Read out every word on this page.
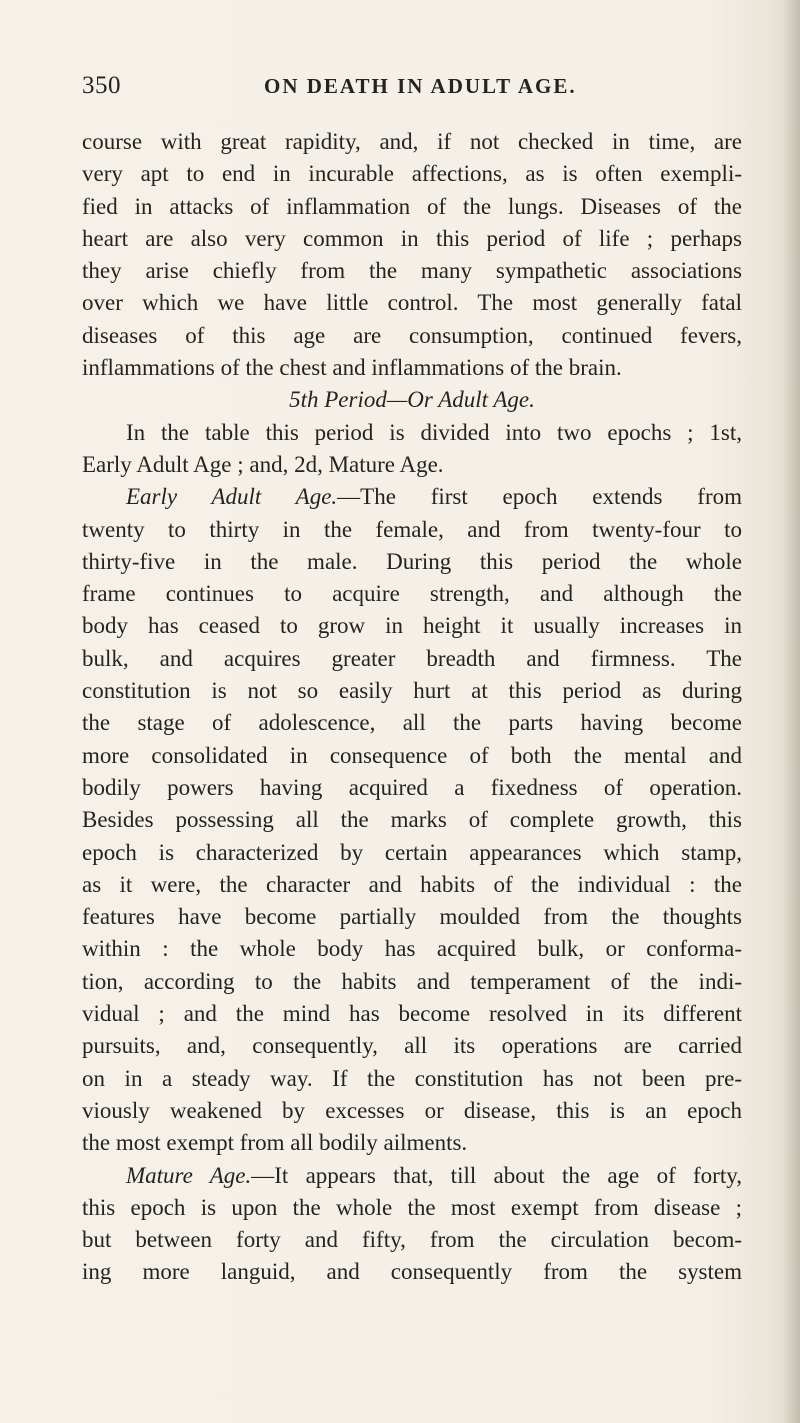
350	ON DEATH IN ADULT AGE.
course with great rapidity, and, if not checked in time, are
very apt to end in incurable affections, as is often exempli-
fied in attacks of inflammation of the lungs. Diseases of the
heart are also very common in this period of life ; perhaps
they arise chiefly from the many sympathetic associations
over which we have little control. The most generally fatal
diseases of this age are consumption, continued fevers,
inflammations of the chest and inflammations of the brain.
5th Period—Or Adult Age.
In the table this period is divided into two epochs ; 1st,
Early Adult Age ; and, 2d, Mature Age.
Early Adult Age.—The first epoch extends from
twenty to thirty in the female, and from twenty-four to
thirty-five in the male. During this period the whole
frame continues to acquire strength, and although the
body has ceased to grow in height it usually increases in
bulk, and acquires greater breadth and firmness. The
constitution is not so easily hurt at this period as during
the stage of adolescence, all the parts having become
more consolidated in consequence of both the mental and
bodily powers having acquired a fixedness of operation.
Besides possessing all the marks of complete growth, this
epoch is characterized by certain appearances which stamp,
as it were, the character and habits of the individual : the
features have become partially moulded from the thoughts
within : the whole body has acquired bulk, or conforma-
tion, according to the habits and temperament of the indi-
vidual ; and the mind has become resolved in its different
pursuits, and, consequently, all its operations are carried
on in a steady way. If the constitution has not been pre-
viously weakened by excesses or disease, this is an epoch
the most exempt from all bodily ailments.
Mature Age.—It appears that, till about the age of forty,
this epoch is upon the whole the most exempt from disease ;
but between forty and fifty, from the circulation becom-
ing more languid, and consequently from the system
